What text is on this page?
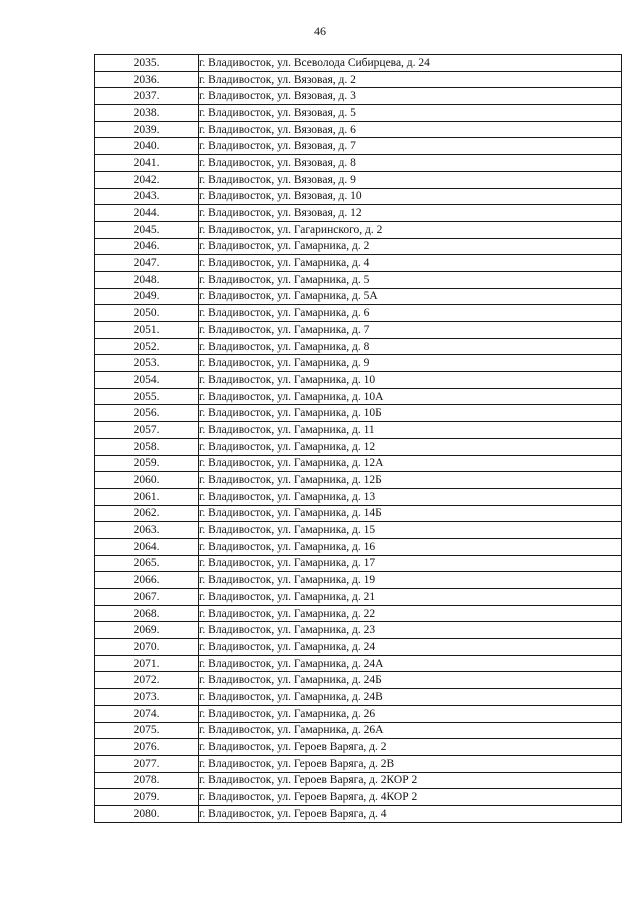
46
2035.	г. Владивосток, ул. Всеволода Сибирцева, д. 24
2036.	г. Владивосток, ул. Вязовая, д. 2
2037.	г. Владивосток, ул. Вязовая, д. 3
2038.	г. Владивосток, ул. Вязовая, д. 5
2039.	г. Владивосток, ул. Вязовая, д. 6
2040.	г. Владивосток, ул. Вязовая, д. 7
2041.	г. Владивосток, ул. Вязовая, д. 8
2042.	г. Владивосток, ул. Вязовая, д. 9
2043.	г. Владивосток, ул. Вязовая, д. 10
2044.	г. Владивосток, ул. Вязовая, д. 12
2045.	г. Владивосток, ул. Гагаринского, д. 2
2046.	г. Владивосток, ул. Гамарника, д. 2
2047.	г. Владивосток, ул. Гамарника, д. 4
2048.	г. Владивосток, ул. Гамарника, д. 5
2049.	г. Владивосток, ул. Гамарника, д. 5А
2050.	г. Владивосток, ул. Гамарника, д. 6
2051.	г. Владивосток, ул. Гамарника, д. 7
2052.	г. Владивосток, ул. Гамарника, д. 8
2053.	г. Владивосток, ул. Гамарника, д. 9
2054.	г. Владивосток, ул. Гамарника, д. 10
2055.	г. Владивосток, ул. Гамарника, д. 10А
2056.	г. Владивосток, ул. Гамарника, д. 10Б
2057.	г. Владивосток, ул. Гамарника, д. 11
2058.	г. Владивосток, ул. Гамарника, д. 12
2059.	г. Владивосток, ул. Гамарника, д. 12А
2060.	г. Владивосток, ул. Гамарника, д. 12Б
2061.	г. Владивосток, ул. Гамарника, д. 13
2062.	г. Владивосток, ул. Гамарника, д. 14Б
2063.	г. Владивосток, ул. Гамарника, д. 15
2064.	г. Владивосток, ул. Гамарника, д. 16
2065.	г. Владивосток, ул. Гамарника, д. 17
2066.	г. Владивосток, ул. Гамарника, д. 19
2067.	г. Владивосток, ул. Гамарника, д. 21
2068.	г. Владивосток, ул. Гамарника, д. 22
2069.	г. Владивосток, ул. Гамарника, д. 23
2070.	г. Владивосток, ул. Гамарника, д. 24
2071.	г. Владивосток, ул. Гамарника, д. 24А
2072.	г. Владивосток, ул. Гамарника, д. 24Б
2073.	г. Владивосток, ул. Гамарника, д. 24В
2074.	г. Владивосток, ул. Гамарника, д. 26
2075.	г. Владивосток, ул. Гамарника, д. 26А
2076.	г. Владивосток, ул. Героев Варяга, д. 2
2077.	г. Владивосток, ул. Героев Варяга, д. 2В
2078.	г. Владивосток, ул. Героев Варяга, д. 2КОР 2
2079.	г. Владивосток, ул. Героев Варяга, д. 4КОР 2
2080.	г. Владивосток, ул. Героев Варяга, д. 4
